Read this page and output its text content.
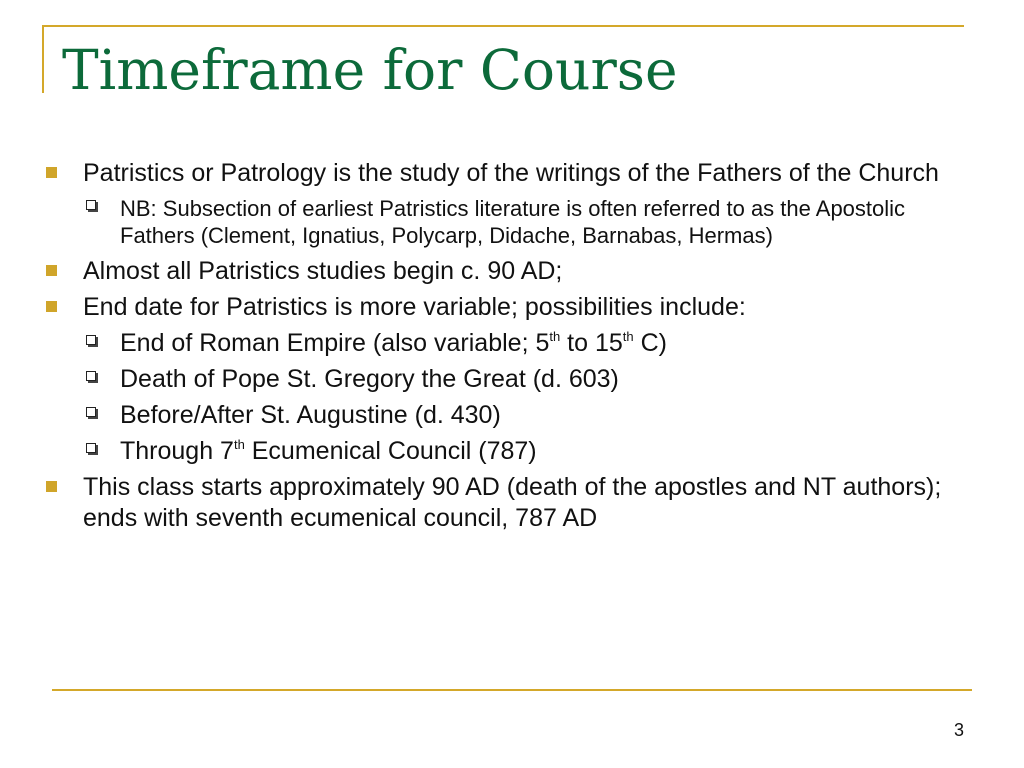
Timeframe for Course
Patristics or Patrology is the study of the writings of the Fathers of the Church
NB: Subsection of earliest Patristics literature is often referred to as the Apostolic Fathers (Clement, Ignatius, Polycarp, Didache, Barnabas, Hermas)
Almost all Patristics studies begin c. 90 AD;
End date for Patristics is more variable; possibilities include:
End of Roman Empire (also variable; 5th to 15th C)
Death of Pope St. Gregory the Great (d. 603)
Before/After St. Augustine (d. 430)
Through 7th Ecumenical Council (787)
This class starts approximately 90 AD (death of the apostles and NT authors); ends with seventh ecumenical council, 787 AD
3
